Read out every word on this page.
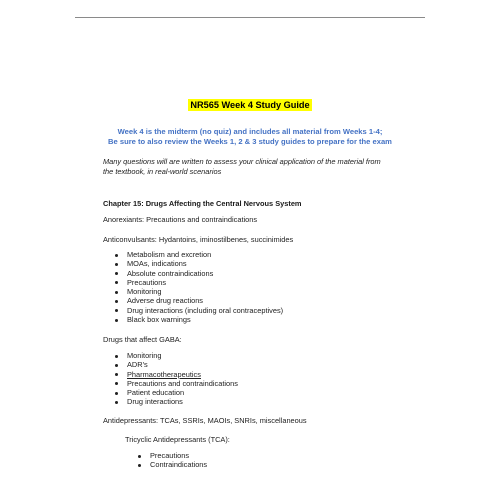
NR565 Week 4 Study Guide
Week 4 is the midterm (no quiz) and includes all material from Weeks 1-4;
Be sure to also review the Weeks 1, 2 & 3 study guides to prepare for the exam
Many questions will are written to assess your clinical application of the material from
the textbook, in real-world scenarios
Chapter 15: Drugs Affecting the Central Nervous System
Anorexiants: Precautions and contraindications
Anticonvulsants: Hydantoins, iminostilbenes, succinimides
Metabolism and excretion
MOAs, indications
Absolute contraindications
Precautions
Monitoring
Adverse drug reactions
Drug interactions (including oral contraceptives)
Black box warnings
Drugs that affect GABA:
Monitoring
ADR's
Pharmacotherapeutics
Precautions and contraindications
Patient education
Drug interactions
Antidepressants: TCAs, SSRIs, MAOIs, SNRIs, miscellaneous
Tricyclic Antidepressants (TCA):
Precautions
Contraindications
